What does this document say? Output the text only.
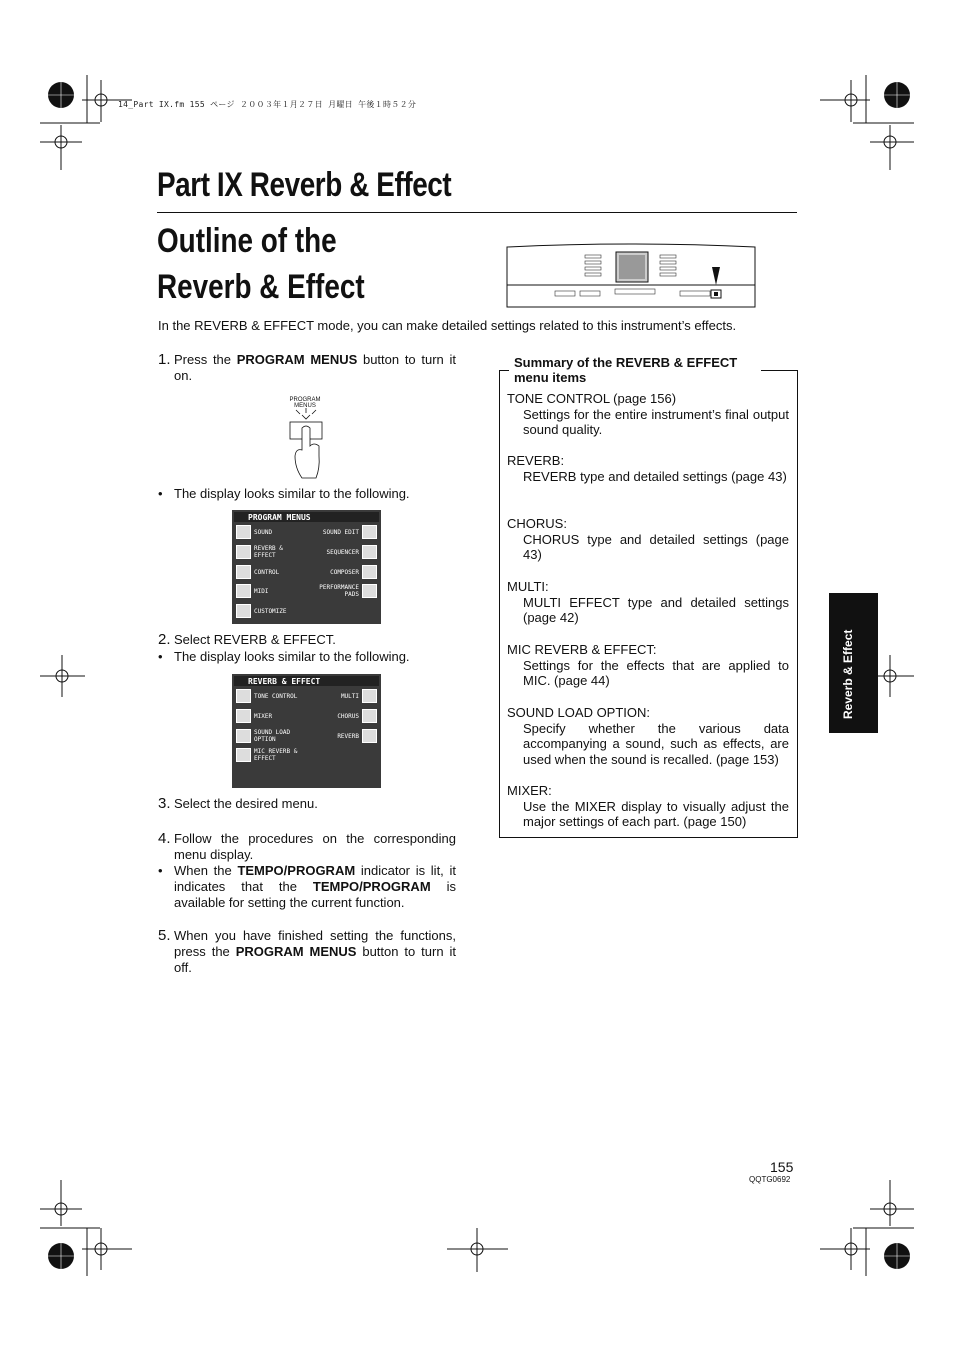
14_Part IX.fm 155 ページ ２００３年１月２７日 月曜日 午後１時５２分
Part IX Reverb & Effect
Outline of the
Reverb & Effect
In the REVERB & EFFECT mode, you can make detailed settings related to this instrument’s effects.
1. Press the PROGRAM MENUS button to turn it on.
PROGRAM MENUS
• The display looks similar to the following.
PROGRAM MENUS
SOUND
REVERB & EFFECT
CONTROL
MIDI
CUSTOMIZE
SOUND EDIT
SEQUENCER
COMPOSER
PERFORMANCE PADS
2. Select REVERB & EFFECT.
• The display looks similar to the following.
REVERB & EFFECT
TONE CONTROL
MIXER
SOUND LOAD OPTION
MIC REVERB & EFFECT
MULTI
CHORUS
REVERB
3. Select the desired menu.
4. Follow the procedures on the corresponding menu display.
• When the TEMPO/PROGRAM indicator is lit, it indicates that the TEMPO/PROGRAM is available for setting the current function.
5. When you have finished setting the functions, press the PROGRAM MENUS button to turn it off.
Summary of the REVERB & EFFECT menu items
TONE CONTROL (page 156)
Settings for the entire instrument’s final output sound quality.
REVERB:
REVERB type and detailed settings (page 43)
CHORUS:
CHORUS type and detailed settings (page 43)
MULTI:
MULTI EFFECT type and detailed settings (page 42)
MIC REVERB & EFFECT:
Settings for the effects that are applied to MIC. (page 44)
SOUND LOAD OPTION:
Specify whether the various data accompanying a sound, such as effects, are used when the sound is recalled. (page 153)
MIXER:
Use the MIXER display to visually adjust the major settings of each part. (page 150)
Reverb & Effect
155
QQTG0692
